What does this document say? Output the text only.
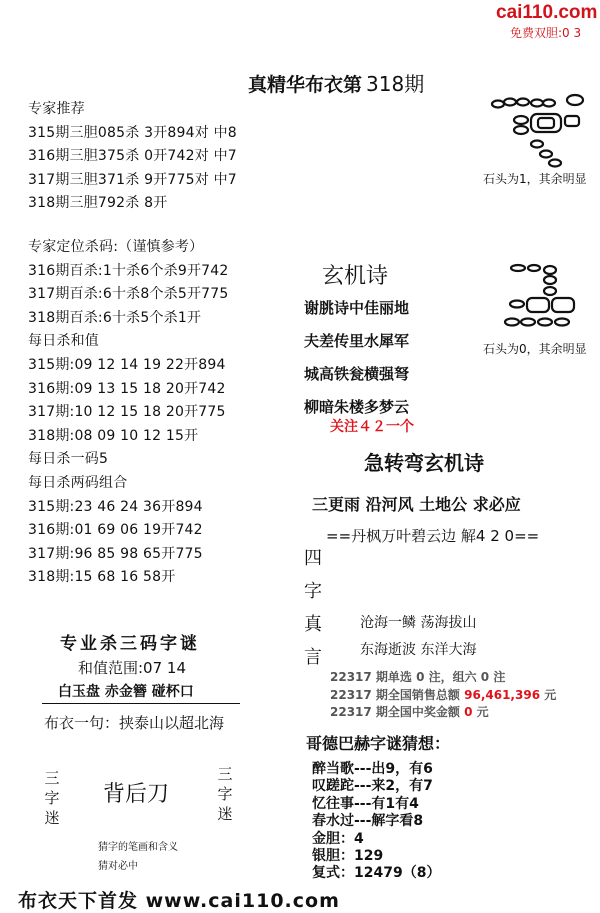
cai110.com
免费双胆:0 3
真精华布衣第 318期
专家推荐
315期三胆085杀 3开894对 中8
316期三胆375杀 0开742对 中7
317期三胆371杀 9开775对 中7
318期三胆792杀 8开
专家定位杀码:（谨慎参考）
316期百杀:1十杀6个杀9开742
317期百杀:6十杀8个杀5开775
318期百杀:6十杀5个杀1开
每日杀和值
315期:09 12 14 19 22开894
316期:09 13 15 18 20开742
317期:10 12 15 18 20开775
318期:08 09 10 12 15开
每日杀一码5
每日杀两码组合
315期:23 46 24 36开894
316期:01 69 06 19开742
317期:96 85 98 65开775
318期:15 68 16 58开
石头为1，其余明显
石头为0，其余明显
玄机诗
谢朓诗中佳丽地
夫差传里水犀军
城高铁瓮横强弩
柳暗朱楼多梦云
关注４２一个
急转弯玄机诗
三更雨 沿河风 土地公 求必应
==丹枫万叶碧云边 解4 2 0==
四
字
真
言
沧海一鳞 荡海拔山
东海逝波 东洋大海
22317 期单选 0 注，组六 0 注
22317 期全国销售总额 96,461,396 元
22317 期全国中奖金额 0 元
哥德巴赫字谜猜想：
醉当歌---出9，有6
叹蹉跎---来2，有7
忆往事---有1有4
春水过---解字看8
金胆：4
银胆：129
复式：12479（8）
专业杀三码字谜
和值范围:07 14
白玉盘 赤金簪 碰杯口
布衣一句：挟泰山以超北海
三
字
迷
背后刀
三
字
迷
猜字的笔画和含义
猜对必中
布衣天下首发 www.cai110.com
